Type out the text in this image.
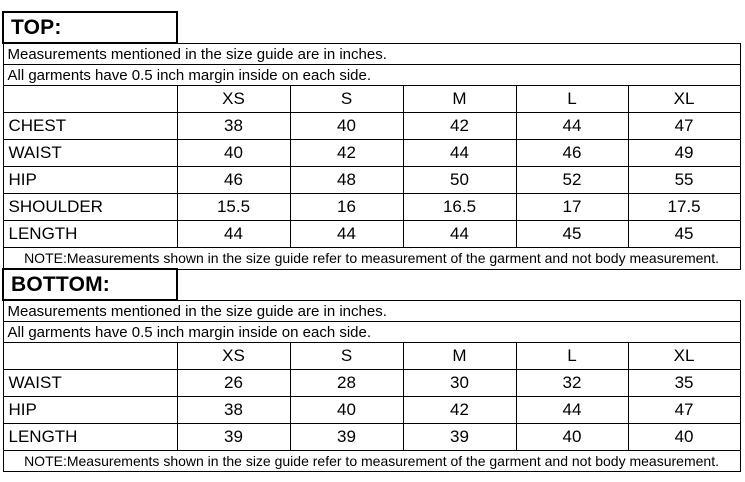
TOP:					
Measurements mentioned in the size guide are in inches.					
All garments have 0.5 inch margin inside on each side.					
	XS	S	M	L	XL
CHEST	38	40	42	44	47
WAIST	40	42	44	46	49
HIP	46	48	50	52	55
SHOULDER	15.5	16	16.5	17	17.5
LENGTH	44	44	44	45	45
NOTE:Measurements shown in the size guide refer to measurement of the garment and not body measurement.					
BOTTOM:					
Measurements mentioned in the size guide are in inches.					
All garments have 0.5 inch margin inside on each side.					
	XS	S	M	L	XL
WAIST	26	28	30	32	35
HIP	38	40	42	44	47
LENGTH	39	39	39	40	40
NOTE:Measurements shown in the size guide refer to measurement of the garment and not body measurement.					
